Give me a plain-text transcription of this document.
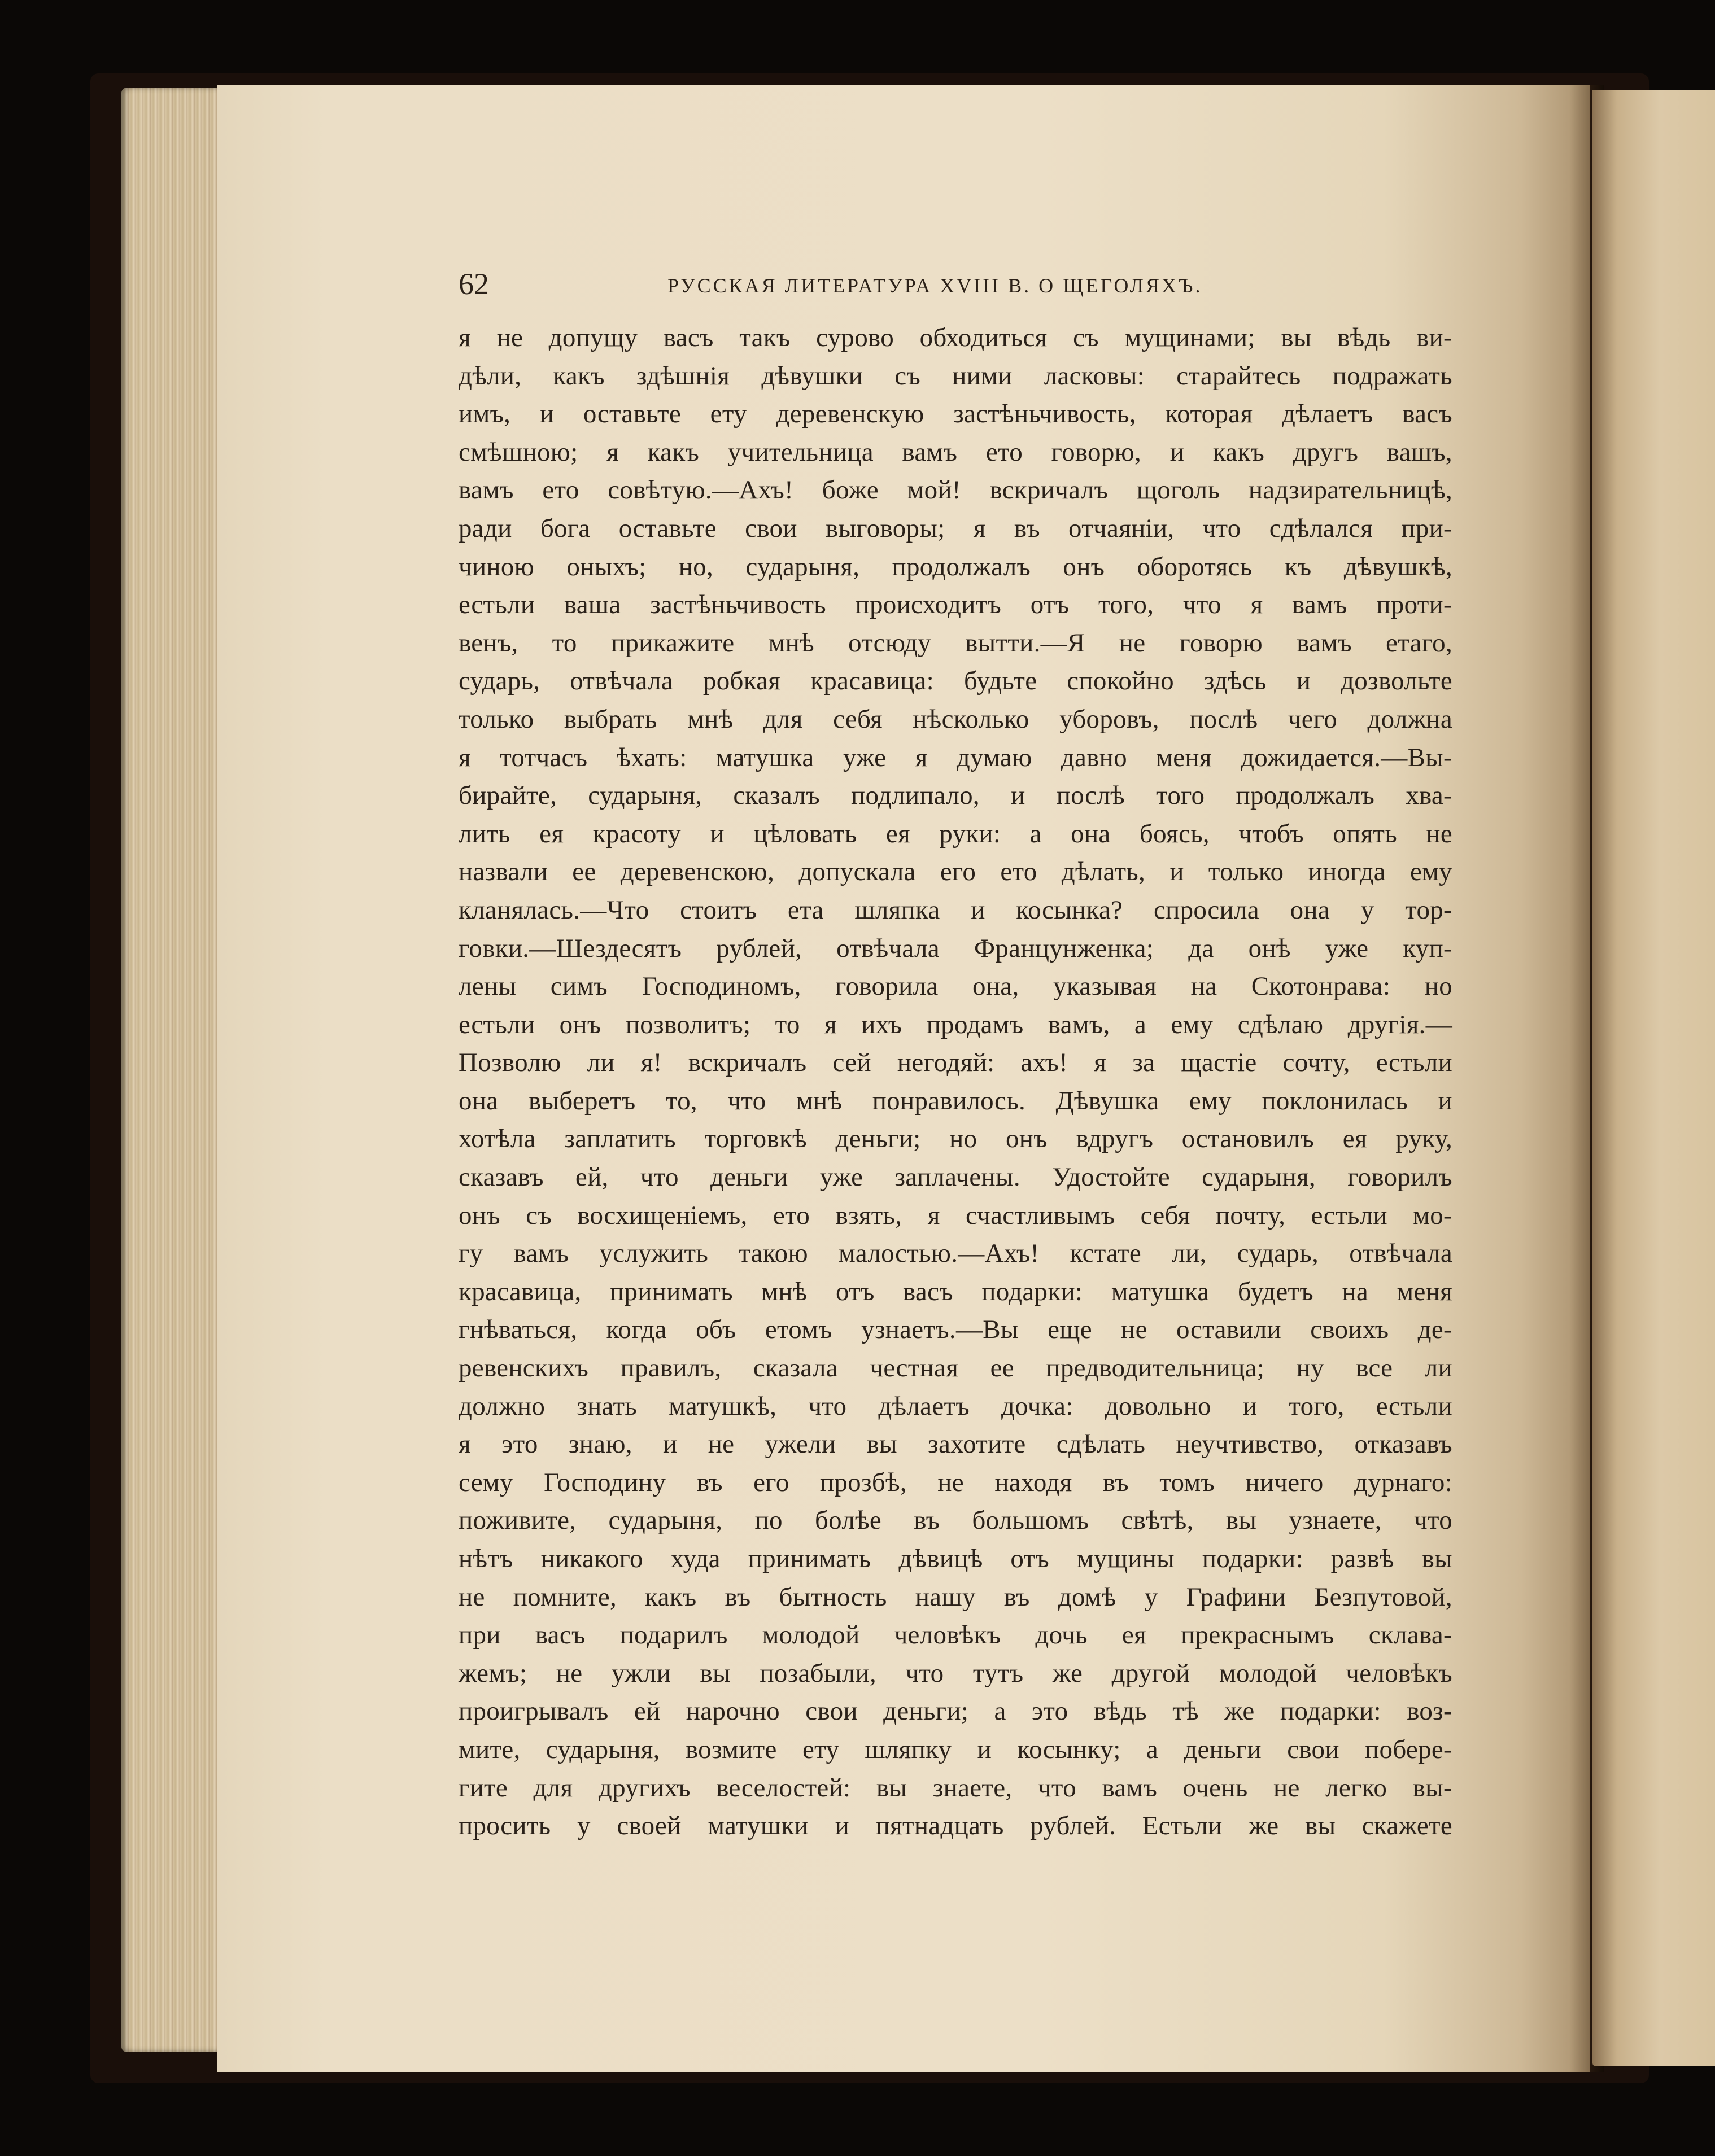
62	РУССКАЯ ЛИТЕРАТУРА XVIII В. О ЩЕГОЛЯХЪ.
я не допущу васъ такъ сурово обходиться съ мущинами; вы вѣдь ви-
дѣли, какъ здѣшнія дѣвушки съ ними ласковы: старайтесь подражать
имъ, и оставьте ету деревенскую застѣньчивость, которая дѣлаетъ васъ
смѣшною; я какъ учительница вамъ ето говорю, и какъ другъ вашъ,
вамъ ето совѣтую.—Ахъ! боже мой! вскричалъ щоголь надзирательницѣ,
ради бога оставьте свои выговоры; я въ отчаяніи, что сдѣлался при-
чиною оныхъ; но, сударыня, продолжалъ онъ оборотясь къ дѣвушкѣ,
естьли ваша застѣньчивость происходитъ отъ того, что я вамъ проти-
венъ, то прикажите мнѣ отсюду вытти.—Я не говорю вамъ етаго,
сударь, отвѣчала робкая красавица: будьте спокойно здѣсь и дозвольте
только выбрать мнѣ для себя нѣсколько уборовъ, послѣ чего должна
я тотчасъ ѣхать: матушка уже я думаю давно меня дожидается.—Вы-
бирайте, сударыня, сказалъ подлипало, и послѣ того продолжалъ хва-
лить ея красоту и цѣловать ея руки: а она боясь, чтобъ опять не
назвали ее деревенскою, допускала его ето дѣлать, и только иногда ему
кланялась.—Что стоитъ ета шляпка и косынка? спросила она у тор-
говки.—Шездесятъ рублей, отвѣчала Францунженка; да онѣ уже куп-
лены симъ Господиномъ, говорила она, указывая на Скотонрава: но
естьли онъ позволитъ; то я ихъ продамъ вамъ, а ему сдѣлаю другія.—
Позволю ли я! вскричалъ сей негодяй: ахъ! я за щастіе сочту, естьли
она выберетъ то, что мнѣ понравилось. Дѣвушка ему поклонилась и
хотѣла заплатить торговкѣ деньги; но онъ вдругъ остановилъ ея руку,
сказавъ ей, что деньги уже заплачены. Удостойте сударыня, говорилъ
онъ съ восхищеніемъ, ето взять, я счастливымъ себя почту, естьли мо-
гу вамъ услужить такою малостью.—Ахъ! кстате ли, сударь, отвѣчала
красавица, принимать мнѣ отъ васъ подарки: матушка будетъ на меня
гнѣваться, когда объ етомъ узнаетъ.—Вы еще не оставили своихъ де-
ревенскихъ правилъ, сказала честная ее предводительница; ну все ли
должно знать матушкѣ, что дѣлаетъ дочка: довольно и того, естьли
я это знаю, и не ужели вы захотите сдѣлать неучтивство, отказавъ
сему Господину въ его прозбѣ, не находя въ томъ ничего дурнаго:
поживите, сударыня, по болѣе въ большомъ свѣтѣ, вы узнаете, что
нѣтъ никакого худа принимать дѣвицѣ отъ мущины подарки: развѣ вы
не помните, какъ въ бытность нашу въ домѣ у Графини Безпутовой,
при васъ подарилъ молодой человѣкъ дочь ея прекраснымъ склава-
жемъ; не ужли вы позабыли, что тутъ же другой молодой человѣкъ
проигрывалъ ей нарочно свои деньги; а это вѣдь тѣ же подарки: воз-
мите, сударыня, возмите ету шляпку и косынку; а деньги свои побере-
гите для другихъ веселостей: вы знаете, что вамъ очень не легко вы-
просить у своей матушки и пятнадцать рублей. Естьли же вы скажете
